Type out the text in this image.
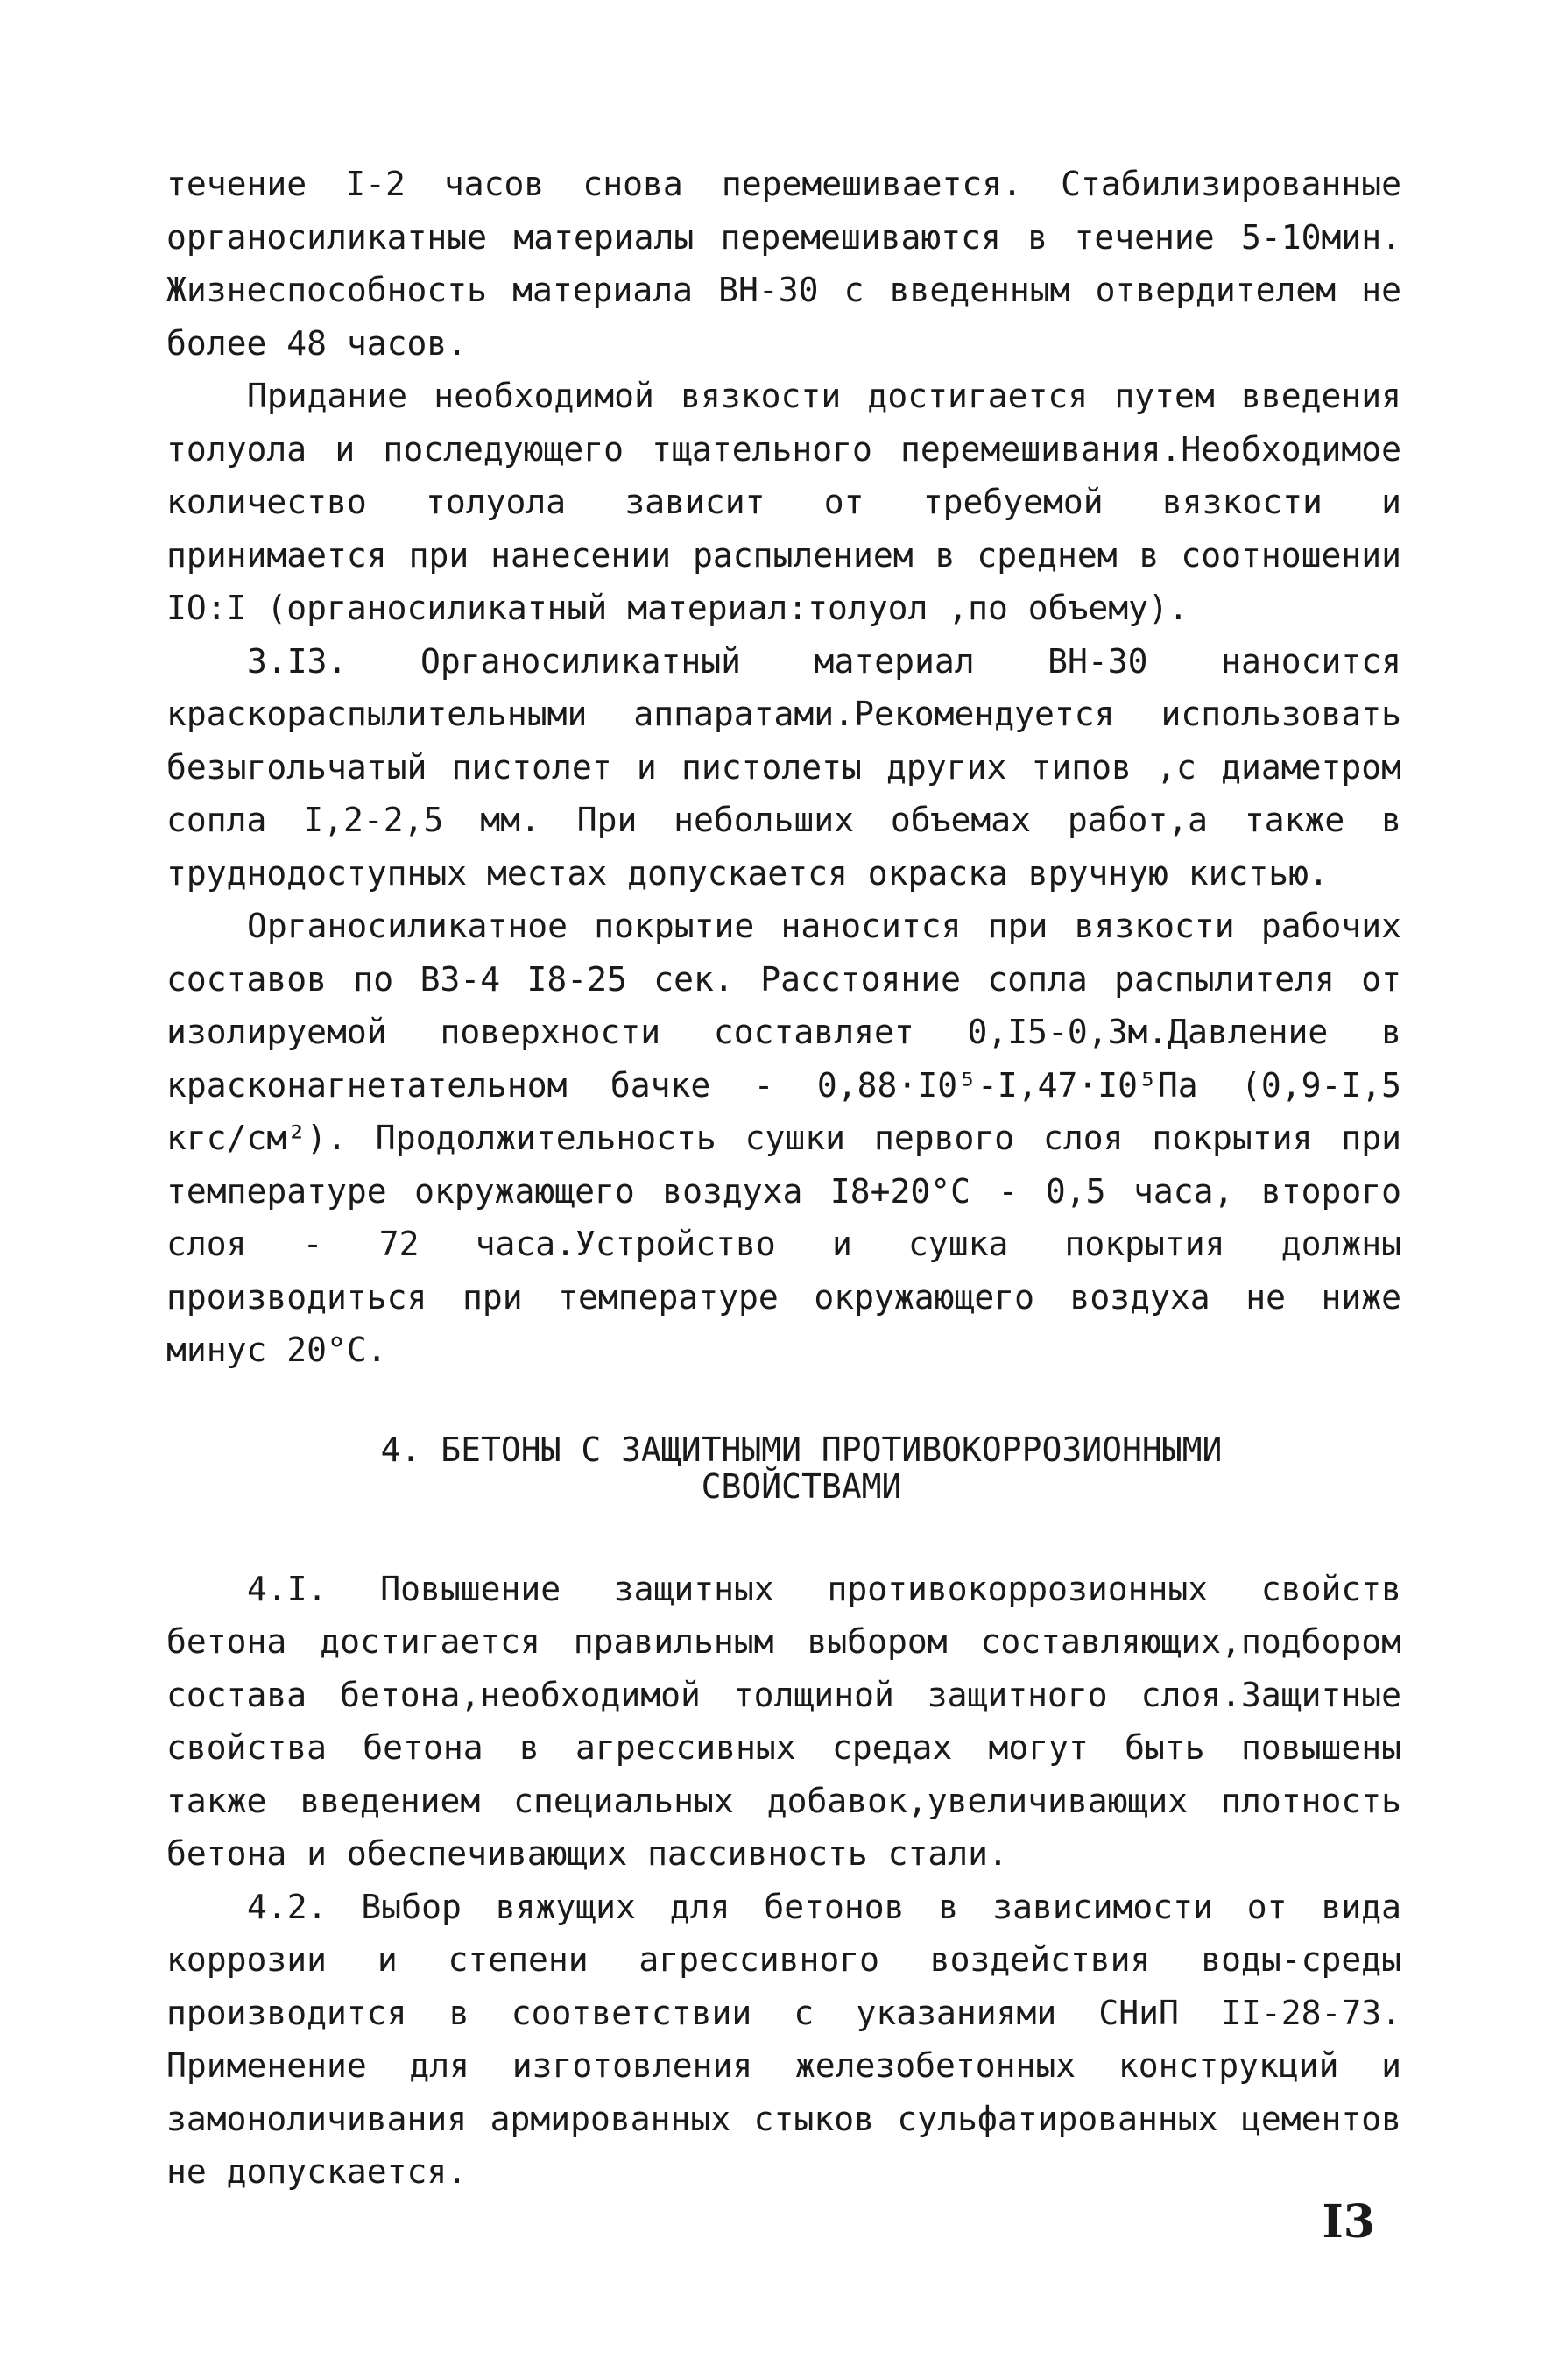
течение I-2 часов снова перемешивается. Стабилизированные органосиликатные материалы перемешиваются в течение 5-10мин. Жизнеспособность материала ВН-30 с введенным отвердителем не более 48 часов.

Придание необходимой вязкости достигается путем введения толуола и последующего тщательного перемешивания.Необходимое количество толуола зависит от требуемой вязкости и принимается при нанесении распылением в среднем в соотношении IO:I (органосиликатный материал:толуол ,по объему).

3.I3. Органосиликатный материал ВН-30 наносится краскораспылительными аппаратами.Рекомендуется использовать безыгольчатый пистолет и пистолеты других типов ,с диаметром сопла I,2-2,5 мм. При небольших объемах работ,а также в труднодоступных местах допускается окраска вручную кистью.

Органосиликатное покрытие наносится при вязкости рабочих составов по ВЗ-4 I8-25 сек. Расстояние сопла распылителя от изолируемой поверхности составляет 0,I5-0,3м.Давление в красконагнетательном бачке - 0,88·I0⁵-I,47·I0⁵Па (0,9-I,5 кгс/см²). Продолжительность сушки первого слоя покрытия при температуре окружающего воздуха I8+20°С - 0,5 часа, второго слоя - 72 часа.Устройство и сушка покрытия должны производиться при температуре окружающего воздуха не ниже минус 20°С.

4. БЕТОНЫ С ЗАЩИТНЫМИ ПРОТИВОКОРРОЗИОННЫМИ
СВОЙСТВАМИ

4.I. Повышение защитных противокоррозионных свойств бетона достигается правильным выбором составляющих,подбором состава бетона,необходимой толщиной защитного слоя.Защитные свойства бетона в агрессивных средах могут быть повышены также введением специальных добавок,увеличивающих плотность бетона и обеспечивающих пассивность стали.

4.2. Выбор вяжущих для бетонов в зависимости от вида коррозии и степени агрессивного воздействия воды-среды производится в соответствии с указаниями СНиП II-28-73. Применение для изготовления железобетонных конструкций и замоноличивания армированных стыков сульфатированных цементов не допускается.

I3
